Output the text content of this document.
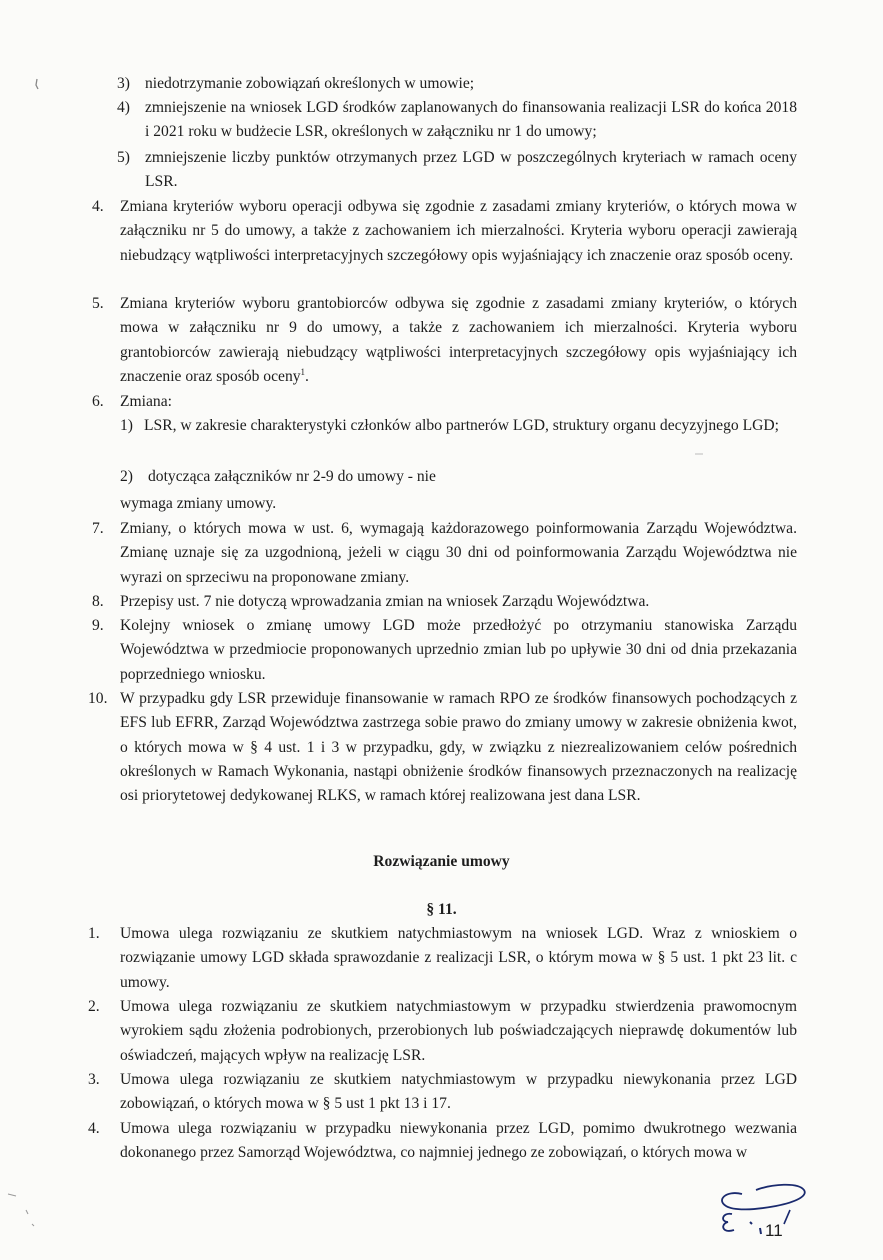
3) niedotrzymanie zobowiązań określonych w umowie;

4) zmniejszenie na wniosek LGD środków zaplanowanych do finansowania realizacji LSR do końca 2018 i 2021 roku w budżecie LSR, określonych w załączniku nr 1 do umowy;

5) zmniejszenie liczby punktów otrzymanych przez LGD w poszczególnych kryteriach w ramach oceny LSR.

4.	Zmiana kryteriów wyboru operacji odbywa się zgodnie z zasadami zmiany kryteriów, o których mowa w załączniku nr 5 do umowy, a także z zachowaniem ich mierzalności. Kryteria wyboru operacji zawierają niebudzący wątpliwości interpretacyjnych szczegółowy opis wyjaśniający ich znaczenie oraz sposób oceny.

5.	Zmiana kryteriów wyboru grantobiorców odbywa się zgodnie z zasadami zmiany kryteriów, o których mowa w załączniku nr 9 do umowy, a także z zachowaniem ich mierzalności. Kryteria wyboru grantobiorców zawierają niebudzący wątpliwości interpretacyjnych szczegółowy opis wyjaśniający ich znaczenie oraz sposób oceny$^1$.

6.	Zmiana:

1) LSR, w zakresie charakterystyki członków albo partnerów LGD, struktury organu decyzyjnego LGD;

2) dotycząca załączników nr 2-9 do umowy - nie

wymaga zmiany umowy.

7.	Zmiany, o których mowa w ust. 6, wymagają każdorazowego poinformowania Zarządu Województwa. Zmianę uznaje się za uzgodnioną, jeżeli w ciągu 30 dni od poinformowania Zarządu Województwa nie wyrazi on sprzeciwu na proponowane zmiany.

8.	Przepisy ust. 7 nie dotyczą wprowadzania zmian na wniosek Zarządu Województwa.

9.	Kolejny wniosek o zmianę umowy LGD może przedłożyć po otrzymaniu stanowiska Zarządu Województwa w przedmiocie proponowanych uprzednio zmian lub po upływie 30 dni od dnia przekazania poprzedniego wniosku.

10. W przypadku gdy LSR przewiduje finansowanie w ramach RPO ze środków finansowych pochodzących z EFS lub EFRR, Zarząd Województwa zastrzega sobie prawo do zmiany umowy w zakresie obniżenia kwot, o których mowa w § 4 ust. 1 i 3 w przypadku, gdy, w związku z niezrealizowaniem celów pośrednich określonych w Ramach Wykonania, nastąpi obniżenie środków finansowych przeznaczonych na realizację osi priorytetowej dedykowanej RLKS, w ramach której realizowana jest dana LSR.

Rozwiązanie umowy
§ 11.

1.	Umowa ulega rozwiązaniu ze skutkiem natychmiastowym na wniosek LGD. Wraz z wnioskiem o rozwiązanie umowy LGD składa sprawozdanie z realizacji LSR, o którym mowa w § 5 ust. 1 pkt 23 lit. c umowy.

2.	Umowa ulega rozwiązaniu ze skutkiem natychmiastowym w przypadku stwierdzenia prawomocnym wyrokiem sądu złożenia podrobionych, przerobionych lub poświadczających nieprawdę dokumentów lub oświadczeń, mających wpływ na realizację LSR.

3.	Umowa ulega rozwiązaniu ze skutkiem natychmiastowym w przypadku niewykonania przez LGD zobowiązań, o których mowa w § 5 ust 1 pkt 13 i 17.

4.	Umowa ulega rozwiązaniu w przypadku niewykonania przez LGD, pomimo dwukrotnego wezwania dokonanego przez Samorząd Województwa, co najmniej jednego ze zobowiązań, o których mowa w

11
